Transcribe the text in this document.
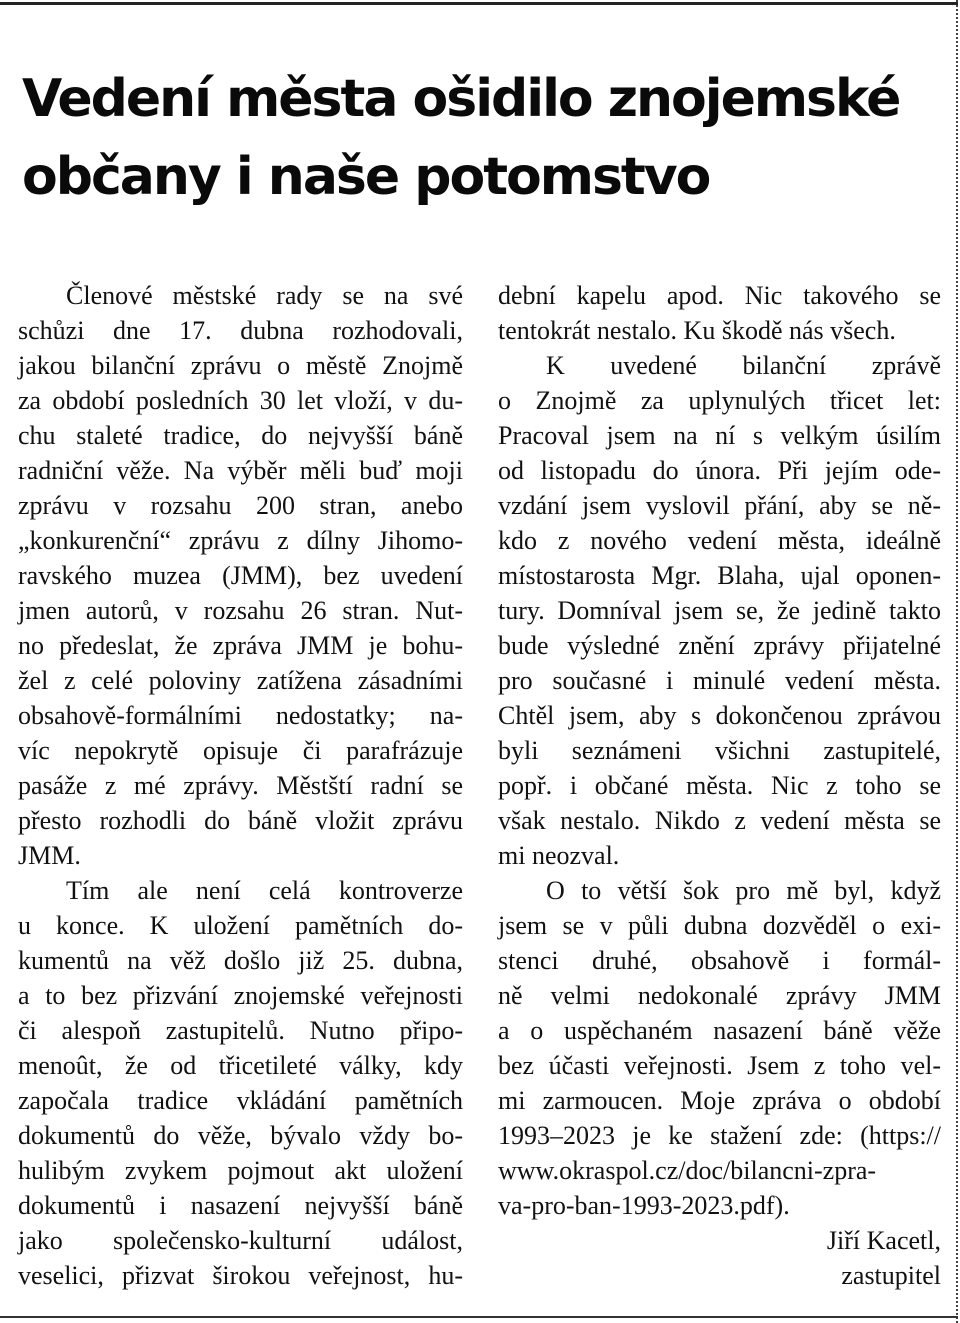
Vedení města ošidilo znojemské
občany i naše potomstvo
Členové městské rady se na své
schůzi dne 17. dubna rozhodovali,
jakou bilanční zprávu o městě Znojmě
za období posledních 30 let vloží, v du-
chu staleté tradice, do nejvyšší báně
radniční věže. Na výběr měli buď moji
zprávu v rozsahu 200 stran, anebo
„konkurenční“ zprávu z dílny Jihomo-
ravského muzea (JMM), bez uvedení
jmen autorů, v rozsahu 26 stran. Nut-
no předeslat, že zpráva JMM je bohu-
žel z celé poloviny zatížena zásadními
obsahově-formálními nedostatky; na-
víc nepokrytě opisuje či parafrázuje
pasáže z mé zprávy. Městští radní se
přesto rozhodli do báně vložit zprávu
JMM.
Tím ale není celá kontroverze
u konce. K uložení pamětních do-
kumentů na věž došlo již 25. dubna,
a to bez přizvání znojemské veřejnosti
či alespoň zastupitelů. Nutno připo-
menoût, že od třicetileté války, kdy
započala tradice vkládání pamětních
dokumentů do věže, bývalo vždy bo-
hulibým zvykem pojmout akt uložení
dokumentů i nasazení nejvyšší báně
jako společensko-kulturní událost,
veselici, přizvat širokou veřejnost, hu-
dební kapelu apod. Nic takového se
tentokrát nestalo. Ku škodě nás všech.
K uvedené bilanční zprávě
o Znojmě za uplynulých třicet let:
Pracoval jsem na ní s velkým úsilím
od listopadu do února. Při jejím ode-
vzdání jsem vyslovil přání, aby se ně-
kdo z nového vedení města, ideálně
místostarosta Mgr. Blaha, ujal oponen-
tury. Domníval jsem se, že jedině takto
bude výsledné znění zprávy přijatelné
pro současné i minulé vedení města.
Chtěl jsem, aby s dokončenou zprávou
byli seznámeni všichni zastupitelé,
popř. i občané města. Nic z toho se
však nestalo. Nikdo z vedení města se
mi neozval.
O to větší šok pro mě byl, když
jsem se v půli dubna dozvěděl o exi-
stenci druhé, obsahově i formál-
ně velmi nedokonalé zprávy JMM
a o uspěchaném nasazení báně věže
bez účasti veřejnosti. Jsem z toho vel-
mi zarmoucen. Moje zpráva o období
1993–2023 je ke stažení zde: (https://
www.okraspol.cz/doc/bilancni-zpra-
va-pro-ban-1993-2023.pdf).
Jiří Kacetl,
zastupitel
